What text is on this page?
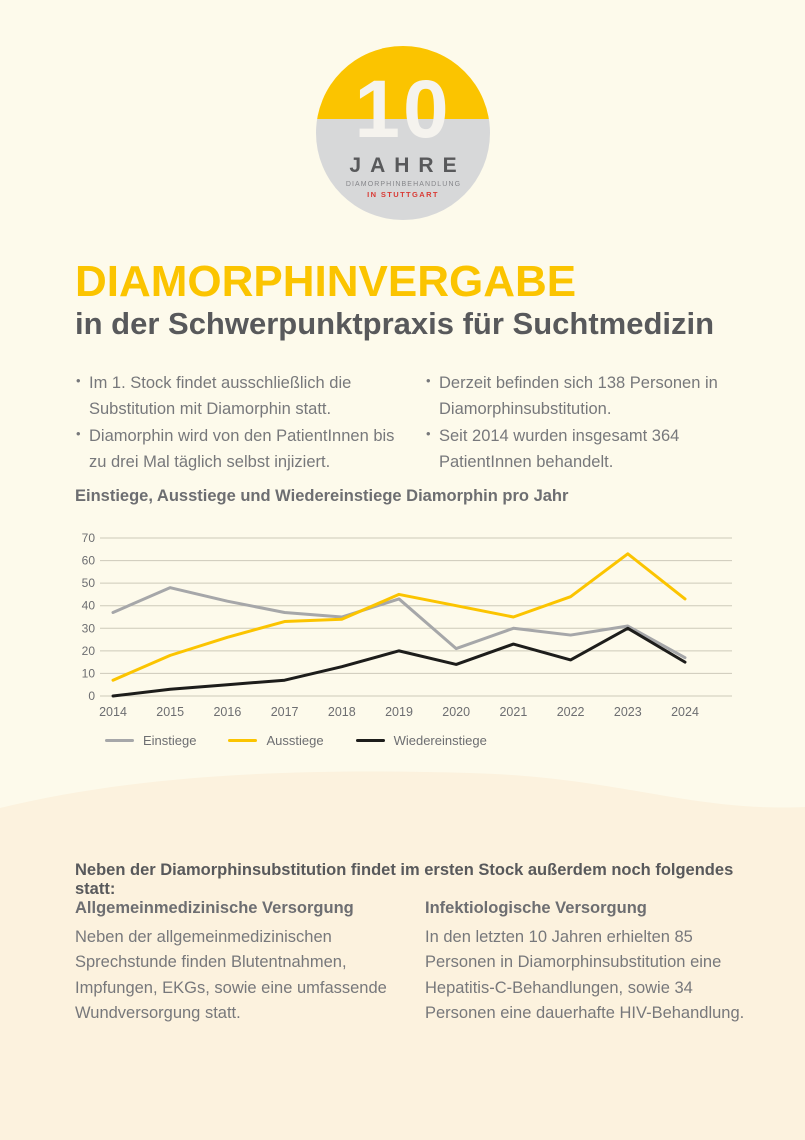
10
JAHRE
DIAMORPHINBEHANDLUNG
IN STUTTGART
DIAMORPHINVERGABE
in der Schwerpunktpraxis für Suchtmedizin
• Im 1. Stock findet ausschließlich die Substitution mit Diamorphin statt.
• Diamorphin wird von den PatientInnen bis zu drei Mal täglich selbst injiziert.
• Derzeit befinden sich 138 Personen in Diamorphinsubstitution.
• Seit 2014 wurden insgesamt 364 PatientInnen behandelt.
Einstiege, Ausstiege und Wiedereinstiege Diamorphin pro Jahr
0
10
20
30
40
50
60
70
2014 2015 2016 2017 2018 2019 2020 2021 2022 2023 2024
Einstiege	Ausstiege	Wiedereinstiege
Neben der Diamorphinsubstitution findet im ersten Stock außerdem noch folgendes statt:
Allgemeinmedizinische Versorgung
Neben der allgemeinmedizinischen Sprechstunde finden Blutentnahmen, Impfungen, EKGs, sowie eine umfassende Wundversorgung statt.
Infektiologische Versorgung
In den letzten 10 Jahren erhielten 85 Personen in Diamorphinsubstitution eine Hepatitis-C-Behandlungen, sowie 34 Personen eine dauerhafte HIV-Behandlung.
